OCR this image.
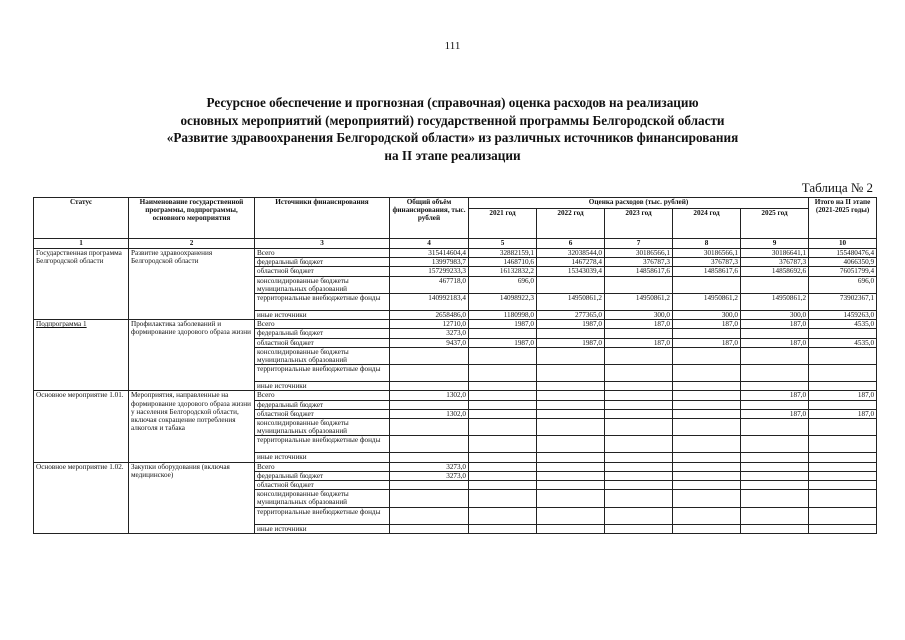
111
Ресурсное обеспечение и прогнозная (справочная) оценка расходов на реализацию
основных мероприятий (мероприятий) государственной программы Белгородской области
«Развитие здравоохранения Белгородской области» из различных источников финансирования
на II этапе реализации
Таблица № 2
Статус	Наименование государственной программы, подпрограммы, основного мероприятия	Источники финансирования	Общий объём финансирования, тыс. рублей	Оценка расходов (тыс. рублей)					Итого на II этапе (2021-2025 годы)
				2021 год	2022 год	2023 год	2024 год	2025 год	
1	2	3	4	5	6	7	8	9	10
Государственная программа Белгородской области	Развитие здравоохранения Белгородской области	Всего	315414604,4	32882159,1	32038544,0	30186566,1	30186566,1	30186641,1	155480476,4
		федеральный бюджет	13997983,7	1468710,6	1467278,4	376787,3	376787,3	376787,3	4066350,9
		областной бюджет	157299233,3	16132832,2	15343039,4	14858617,6	14858617,6	14858692,6	76051799,4
		консолидированные бюджеты муниципальных образований	467718,0	696,0					696,0
		территориальные внебюджетные фонды	140992183,4	14098922,3	14950861,2	14950861,2	14950861,2	14950861,2	73902367,1
		иные источники	2658486,0	1180998,0	277365,0	300,0	300,0	300,0	1459263,0
Подпрограмма 1	Профилактика заболеваний и формирование здорового образа жизни	Всего	12710,0	1987,0	1987,0	187,0	187,0	187,0	4535,0
		федеральный бюджет	3273,0						
		областной бюджет	9437,0	1987,0	1987,0	187,0	187,0	187,0	4535,0
		консолидированные бюджеты муниципальных образований							
		территориальные внебюджетные фонды							
		иные источники							
Основное мероприятие 1.01.	Мероприятия, направленные на формирование здорового образа жизни у населения Белгородской области, включая сокращение потребления алкоголя и табака	Всего	1302,0					187,0	187,0
		федеральный бюджет							
		областной бюджет	1302,0					187,0	187,0
		консолидированные бюджеты муниципальных образований							
		территориальные внебюджетные фонды							
		иные источники							
Основное мероприятие 1.02.	Закупки оборудования (включая медицинское)	Всего	3273,0						
		федеральный бюджет	3273,0						
		областной бюджет							
		консолидированные бюджеты муниципальных образований							
		территориальные внебюджетные фонды							
		иные источники							
